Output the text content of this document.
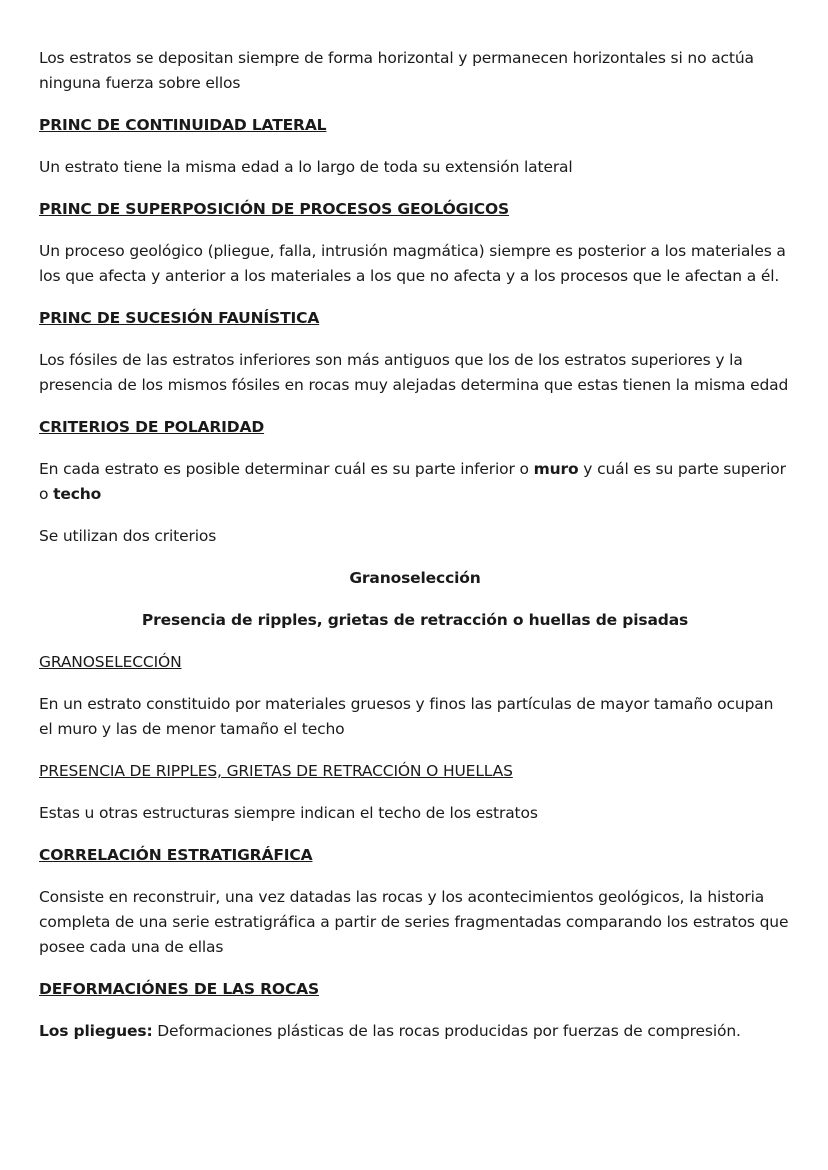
Los estratos se depositan siempre de forma horizontal y permanecen horizontales si no actúa ninguna fuerza sobre ellos

PRINC DE CONTINUIDAD LATERAL

Un estrato tiene la misma edad a lo largo de toda su extensión lateral

PRINC DE SUPERPOSICIÓN DE PROCESOS GEOLÓGICOS

Un proceso geológico (pliegue, falla, intrusión magmática) siempre es posterior a los materiales a los que afecta y anterior a los materiales a los que no afecta y a los procesos que le afectan a él.

PRINC DE SUCESIÓN FAUNÍSTICA

Los fósiles de las estratos inferiores son más antiguos que los de los estratos superiores y la presencia de los mismos fósiles en rocas muy alejadas determina que estas tienen la misma edad

CRITERIOS DE POLARIDAD

En cada estrato es posible determinar cuál es su parte inferior o muro y cuál es su parte superior o techo

Se utilizan dos criterios

Granoselección
Presencia de ripples, grietas de retracción o huellas de pisadas
GRANOSELECCIÓN

En un estrato constituido por materiales gruesos y finos las partículas de mayor tamaño ocupan el muro y las de menor tamaño el techo

PRESENCIA DE RIPPLES, GRIETAS DE RETRACCIÓN O HUELLAS

Estas u otras estructuras siempre indican el techo de los estratos

CORRELACIÓN ESTRATIGRÁFICA

Consiste en reconstruir, una vez datadas las rocas y los acontecimientos geológicos, la historia completa de una serie estratigráfica a partir de series fragmentadas comparando los estratos que posee cada una de ellas

DEFORMACIÓNES DE LAS ROCAS

Los pliegues: Deformaciones plásticas de las rocas producidas por fuerzas de compresión.
